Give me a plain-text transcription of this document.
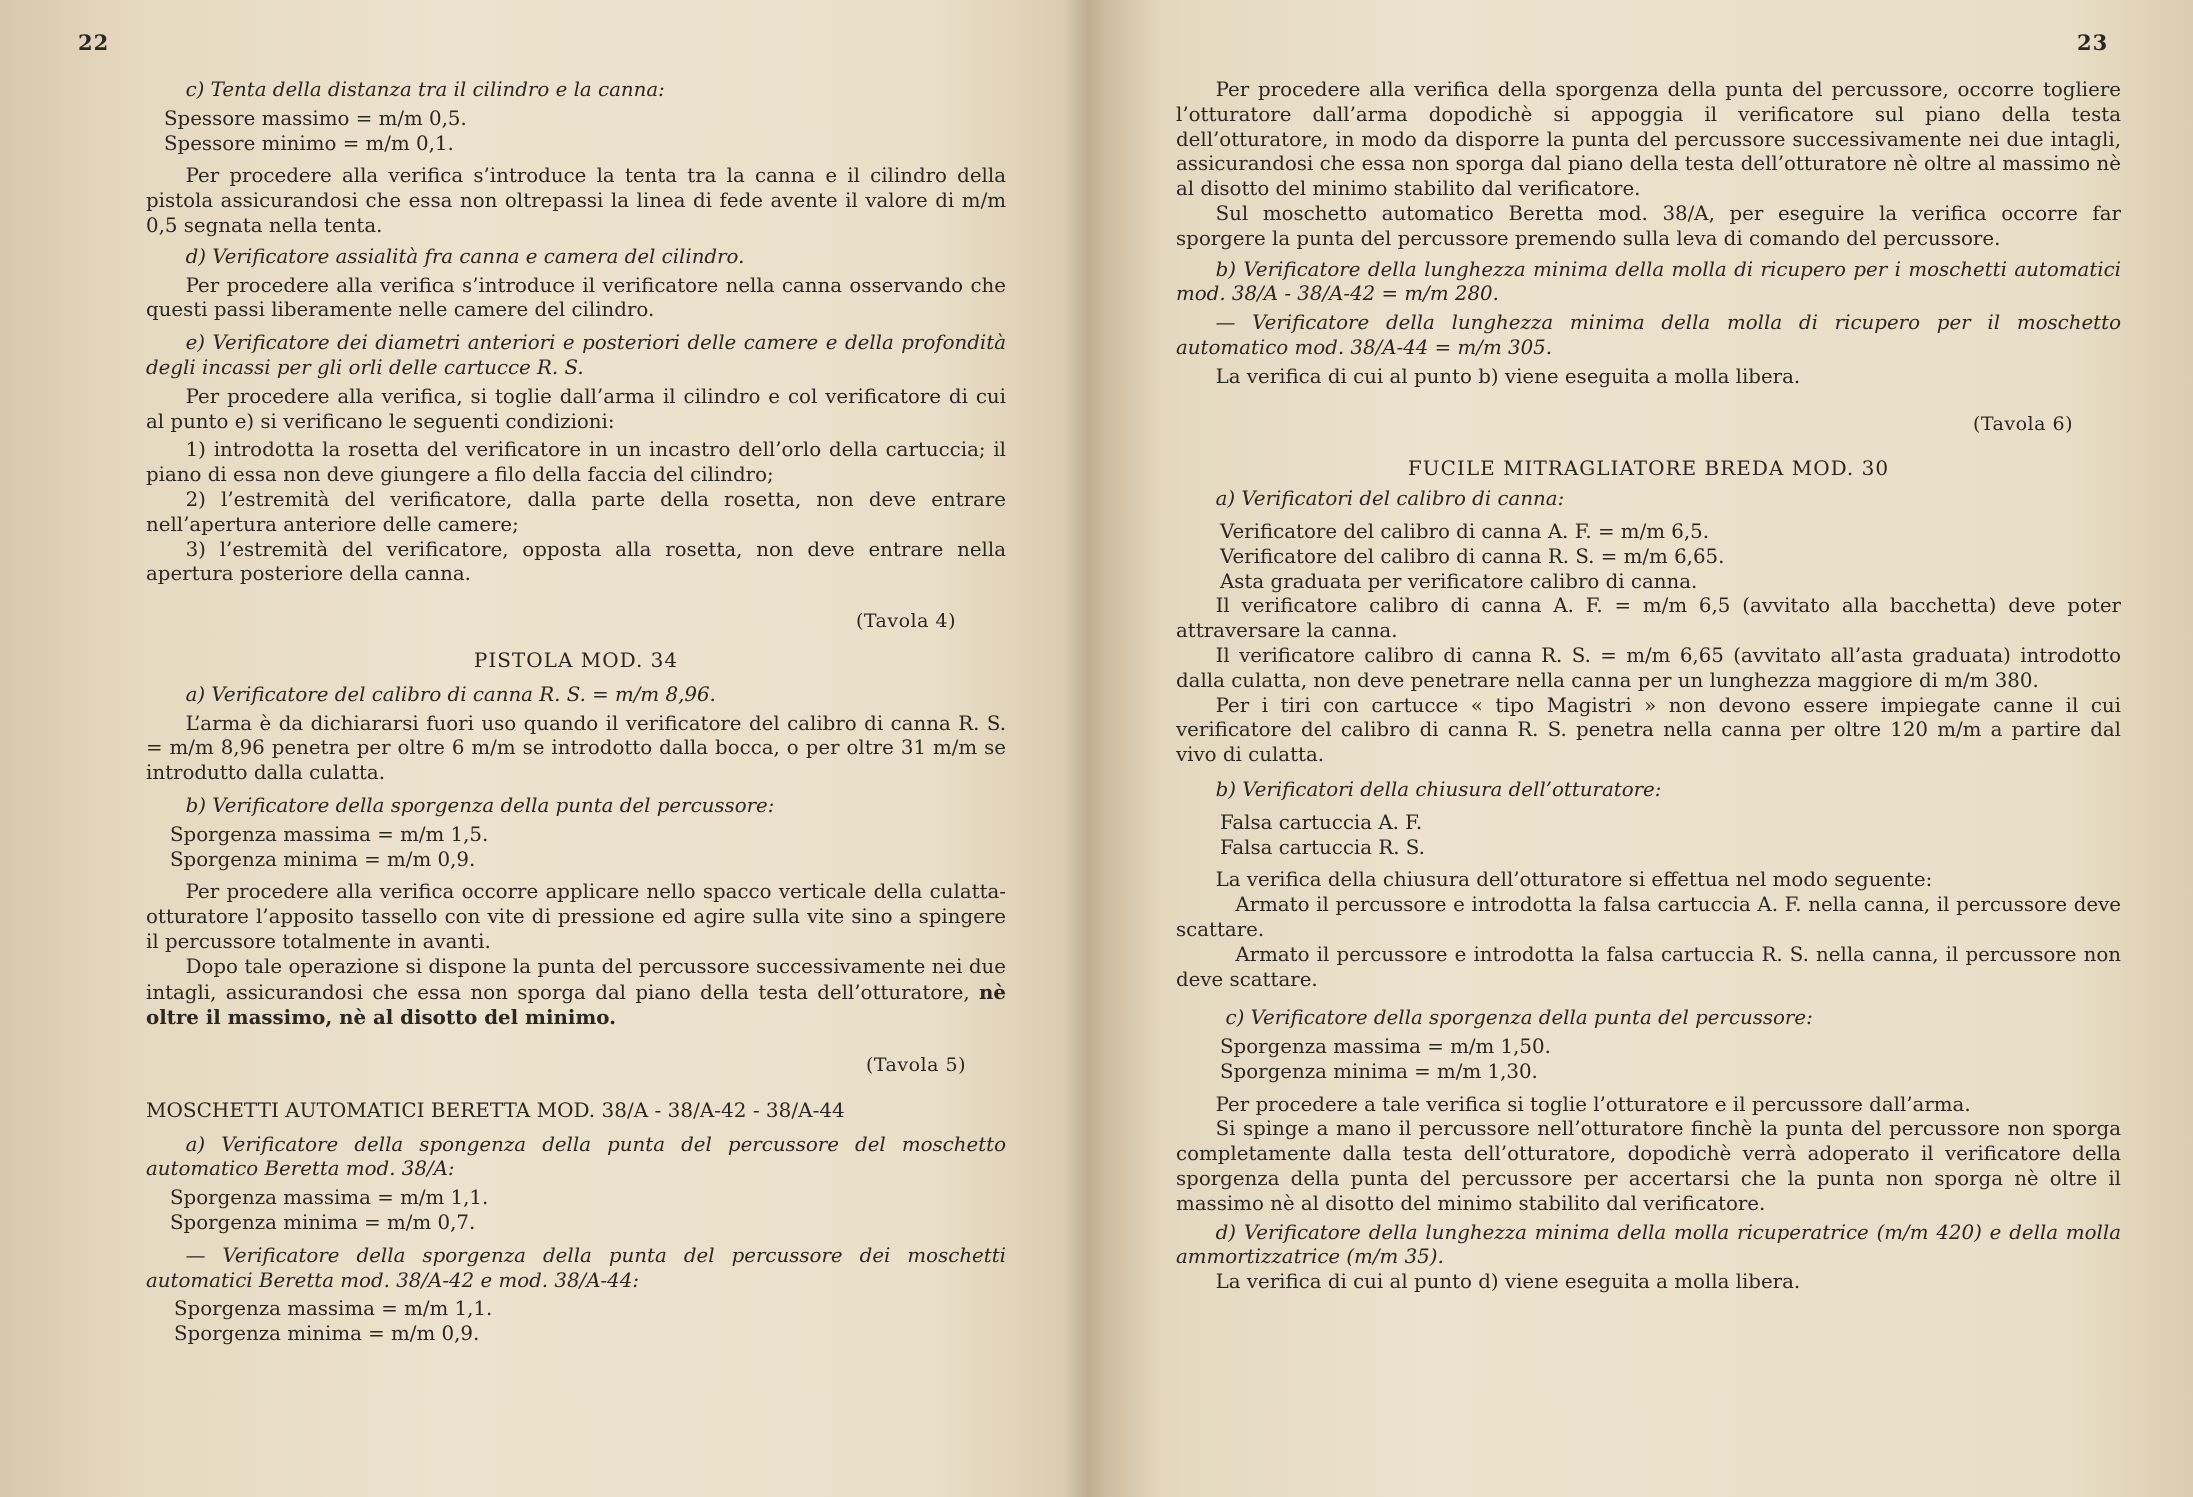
22

c) Tenta della distanza tra il cilindro e la canna:

Spessore massimo = m/m 0,5.

Spessore minimo = m/m 0,1.

Per procedere alla verifica s’introduce la tenta tra la canna e il cilindro della pistola assicurandosi che essa non oltrepassi la linea di fede avente il valore di m/m 0,5 segnata nella tenta.

d) Verificatore assialità fra canna e camera del cilindro.

Per procedere alla verifica s’introduce il verificatore nella canna osservando che questi passi liberamente nelle camere del cilindro.

e) Verificatore dei diametri anteriori e posteriori delle camere e della profondità degli incassi per gli orli delle cartucce R. S.

Per procedere alla verifica, si toglie dall’arma il cilindro e col verificatore di cui al punto e) si verificano le seguenti condizioni:

1) introdotta la rosetta del verificatore in un incastro dell’orlo della cartuccia; il piano di essa non deve giungere a filo della faccia del cilindro;

2) l’estremità del verificatore, dalla parte della rosetta, non deve entrare nell’apertura anteriore delle camere;

3) l’estremità del verificatore, opposta alla rosetta, non deve entrare nella apertura posteriore della canna.

(Tavola 4)

PISTOLA MOD. 34

a) Verificatore del calibro di canna R. S. = m/m 8,96.

L’arma è da dichiararsi fuori uso quando il verificatore del calibro di canna R. S. = m/m 8,96 penetra per oltre 6 m/m se introdotto dalla bocca, o per oltre 31 m/m se introdutto dalla culatta.

b) Verificatore della sporgenza della punta del percussore:

Sporgenza massima = m/m 1,5.

Sporgenza minima = m/m 0,9.

Per procedere alla verifica occorre applicare nello spacco verticale della culatta-otturatore l’apposito tassello con vite di pressione ed agire sulla vite sino a spingere il percussore totalmente in avanti.

Dopo tale operazione si dispone la punta del percussore successivamente nei due intagli, assicurandosi che essa non sporga dal piano della testa dell’otturatore, nè oltre il massimo, nè al disotto del minimo.

(Tavola 5)

MOSCHETTI AUTOMATICI BERETTA MOD. 38/A - 38/A-42 - 38/A-44

a) Verificatore della spongenza della punta del percussore del moschetto automatico Beretta mod. 38/A:

Sporgenza massima = m/m 1,1.

Sporgenza minima = m/m 0,7.

— Verificatore della sporgenza della punta del percussore dei moschetti automatici Beretta mod. 38/A-42 e mod. 38/A-44:

Sporgenza massima = m/m 1,1.

Sporgenza minima = m/m 0,9.

23

Per procedere alla verifica della sporgenza della punta del percussore, occorre togliere l’otturatore dall’arma dopodichè si appoggia il verificatore sul piano della testa dell’otturatore, in modo da disporre la punta del percussore successivamente nei due intagli, assicurandosi che essa non sporga dal piano della testa dell’otturatore nè oltre al massimo nè al disotto del minimo stabilito dal verificatore.

Sul moschetto automatico Beretta mod. 38/A, per eseguire la verifica occorre far sporgere la punta del percussore premendo sulla leva di comando del percussore.

b) Verificatore della lunghezza minima della molla di ricupero per i moschetti automatici mod. 38/A - 38/A-42 = m/m 280.

— Verificatore della lunghezza minima della molla di ricupero per il moschetto automatico mod. 38/A-44 = m/m 305.

La verifica di cui al punto b) viene eseguita a molla libera.

(Tavola 6)

FUCILE MITRAGLIATORE BREDA MOD. 30

a) Verificatori del calibro di canna:

Verificatore del calibro di canna A. F. = m/m 6,5.

Verificatore del calibro di canna R. S. = m/m 6,65.

Asta graduata per verificatore calibro di canna.

Il verificatore calibro di canna A. F. = m/m 6,5 (avvitato alla bacchetta) deve poter attraversare la canna.

Il verificatore calibro di canna R. S. = m/m 6,65 (avvitato all’asta graduata) introdotto dalla culatta, non deve penetrare nella canna per un lunghezza maggiore di m/m 380.

Per i tiri con cartucce « tipo Magistri » non devono essere impiegate canne il cui verificatore del calibro di canna R. S. penetra nella canna per oltre 120 m/m a partire dal vivo di culatta.

b) Verificatori della chiusura dell’otturatore:

Falsa cartuccia A. F.

Falsa cartuccia R. S.

La verifica della chiusura dell’otturatore si effettua nel modo seguente:

Armato il percussore e introdotta la falsa cartuccia A. F. nella canna, il percussore deve scattare.

Armato il percussore e introdotta la falsa cartuccia R. S. nella canna, il percussore non deve scattare.

c) Verificatore della sporgenza della punta del percussore:

Sporgenza massima = m/m 1,50.

Sporgenza minima = m/m 1,30.

Per procedere a tale verifica si toglie l’otturatore e il percussore dall’arma.

Si spinge a mano il percussore nell’otturatore finchè la punta del percussore non sporga completamente dalla testa dell’otturatore, dopodichè verrà adoperato il verificatore della sporgenza della punta del percussore per accertarsi che la punta non sporga nè oltre il massimo nè al disotto del minimo stabilito dal verificatore.

d) Verificatore della lunghezza minima della molla ricuperatrice (m/m 420) e della molla ammortizzatrice (m/m 35).

La verifica di cui al punto d) viene eseguita a molla libera.
